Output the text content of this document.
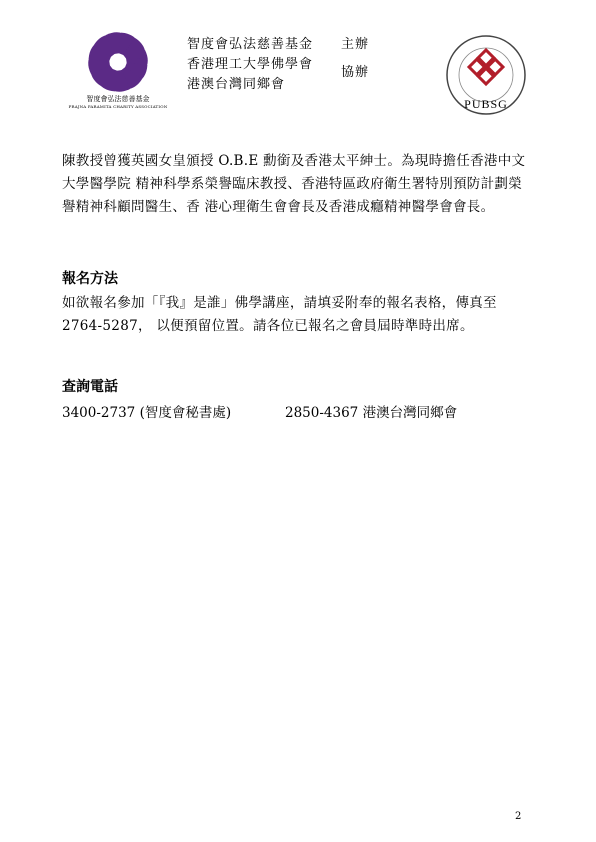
智度會弘法慈善基金
PRAJNA PARAMITA CHARITY ASSOCIATION
智度會弘法慈善基金
香港理工大學佛學會
港澳台灣同鄉會
主辦
協辦
PUBSG
陳教授曾獲英國女皇頒授 O.B.E 勳銜及香港太平紳士。為現時擔任香港中文大學醫學院 精神科學系榮譽臨床教授、香港特區政府衛生署特別預防計劃榮譽精神科顧問醫生、香 港心理衛生會會長及香港成癮精神醫學會會長。
報名方法
如欲報名參加「『我』是誰」佛學講座，請填妥附奉的報名表格，傳真至 2764-5287， 以便預留位置。請各位已報名之會員屆時準時出席。
查詢電話
3400-2737 (智度會秘書處)	2850-4367 港澳台灣同鄉會
2
